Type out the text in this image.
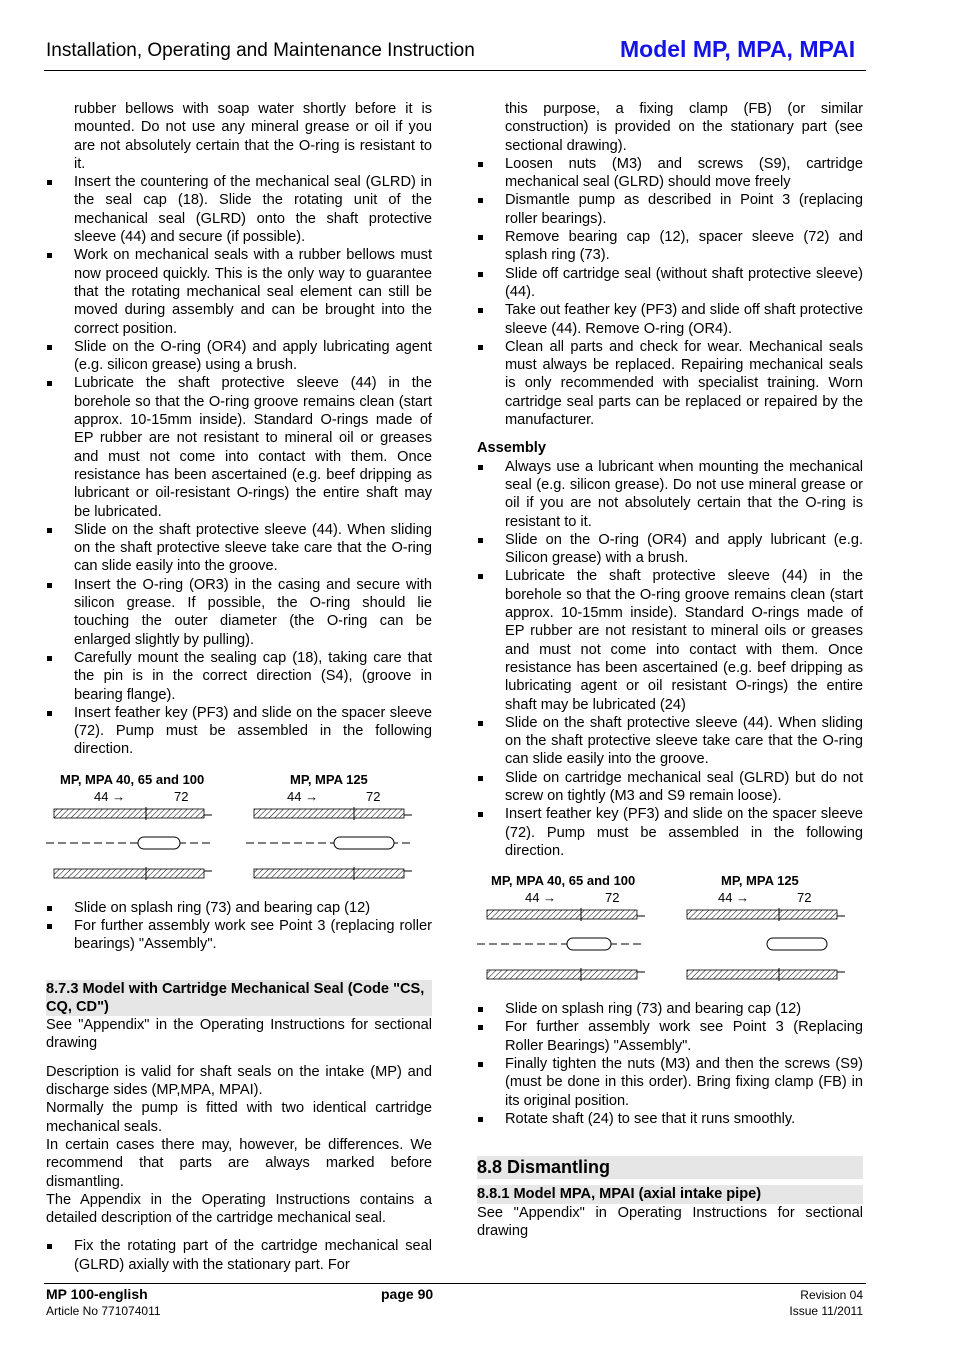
Installation, Operating and Maintenance Instruction	Model MP, MPA, MPAI

rubber bellows with soap water shortly before it is mounted. Do not use any mineral grease or oil if you are not absolutely certain that the O-ring is resistant to it.

Insert the countering of the mechanical seal (GLRD) in the seal cap (18). Slide the rotating unit of the mechanical seal (GLRD) onto the shaft protective sleeve (44) and secure (if possible).
Work on mechanical seals with a rubber bellows must now proceed quickly. This is the only way to guarantee that the rotating mechanical seal element can still be moved during assembly and can be brought into the correct position.
Slide on the O-ring (OR4) and apply lubricating agent (e.g. silicon grease) using a brush.
Lubricate the shaft protective sleeve (44) in the borehole so that the O-ring groove remains clean (start approx. 10-15mm inside). Standard O-rings made of EP rubber are not resistant to mineral oil or greases and must not come into contact with them. Once resistance has been ascertained (e.g. beef dripping as lubricant or oil-resistant O-rings) the entire shaft may be lubricated.
Slide on the shaft protective sleeve (44). When sliding on the shaft protective sleeve take care that the O-ring can slide easily into the groove.
Insert the O-ring (OR3) in the casing and secure with silicon grease. If possible, the O-ring should lie touching the outer diameter (the O-ring can be enlarged slightly by pulling).
Carefully mount the sealing cap (18), taking care that the pin is in the correct direction (S4), (groove in bearing flange).
Insert feather key (PF3) and slide on the spacer sleeve (72). Pump must be assembled in the following direction.
MP, MPA 40, 65 and 100	MP, MPA 125
44 →	72	44 →	72
Slide on splash ring (73) and bearing cap (12)
For further assembly work see Point 3 (replacing roller bearings) "Assembly".
8.7.3 Model with Cartridge Mechanical Seal (Code "CS, CQ, CD")

See "Appendix" in the Operating Instructions for sectional drawing

Description is valid for shaft seals on the intake (MP) and discharge sides (MP,MPA, MPAI).

Normally the pump is fitted with two identical cartridge mechanical seals.

In certain cases there may, however, be differences. We recommend that parts are always marked before dismantling.

The Appendix in the Operating Instructions contains a detailed description of the cartridge mechanical seal.

Fix the rotating part of the cartridge mechanical seal (GLRD) axially with the stationary part. For

this purpose, a fixing clamp (FB) (or similar construction) is provided on the stationary part (see sectional drawing).

Loosen nuts (M3) and screws (S9), cartridge mechanical seal (GLRD) should move freely
Dismantle pump as described in Point 3 (replacing roller bearings).
Remove bearing cap (12), spacer sleeve (72) and splash ring (73).
Slide off cartridge seal (without shaft protective sleeve) (44).
Take out feather key (PF3) and slide off shaft protective sleeve (44). Remove O-ring (OR4).
Clean all parts and check for wear. Mechanical seals must always be replaced. Repairing mechanical seals is only recommended with specialist training. Worn cartridge seal parts can be replaced or repaired by the manufacturer.
Assembly
Always use a lubricant when mounting the mechanical seal (e.g. silicon grease). Do not use mineral grease or oil if you are not absolutely certain that the O-ring is resistant to it.
Slide on the O-ring (OR4) and apply lubricant (e.g. Silicon grease) with a brush.
Lubricate the shaft protective sleeve (44) in the borehole so that the O-ring groove remains clean (start approx. 10-15mm inside). Standard O-rings made of EP rubber are not resistant to mineral oils or greases and must not come into contact with them. Once resistance has been ascertained (e.g. beef dripping as lubricating agent or oil resistant O-rings) the entire shaft may be lubricated (24)
Slide on the shaft protective sleeve (44). When sliding on the shaft protective sleeve take care that the O-ring can slide easily into the groove.
Slide on cartridge mechanical seal (GLRD) but do not screw on tightly (M3 and S9 remain loose).
Insert feather key (PF3) and slide on the spacer sleeve (72). Pump must be assembled in the following direction.
MP, MPA 40, 65 and 100	MP, MPA 125
44 →	72	44 →	72
Slide on splash ring (73) and bearing cap (12)
For further assembly work see Point 3 (Replacing Roller Bearings) "Assembly".
Finally tighten the nuts (M3) and then the screws (S9) (must be done in this order). Bring fixing clamp (FB) in its original position.
Rotate shaft (24) to see that it runs smoothly.
8.8 Dismantling
8.8.1 Model MPA, MPAI (axial intake pipe)

See "Appendix" in Operating Instructions for sectional drawing

MP 100-english
Article No 771074011
page 90	Revision 04
Issue 11/2011
